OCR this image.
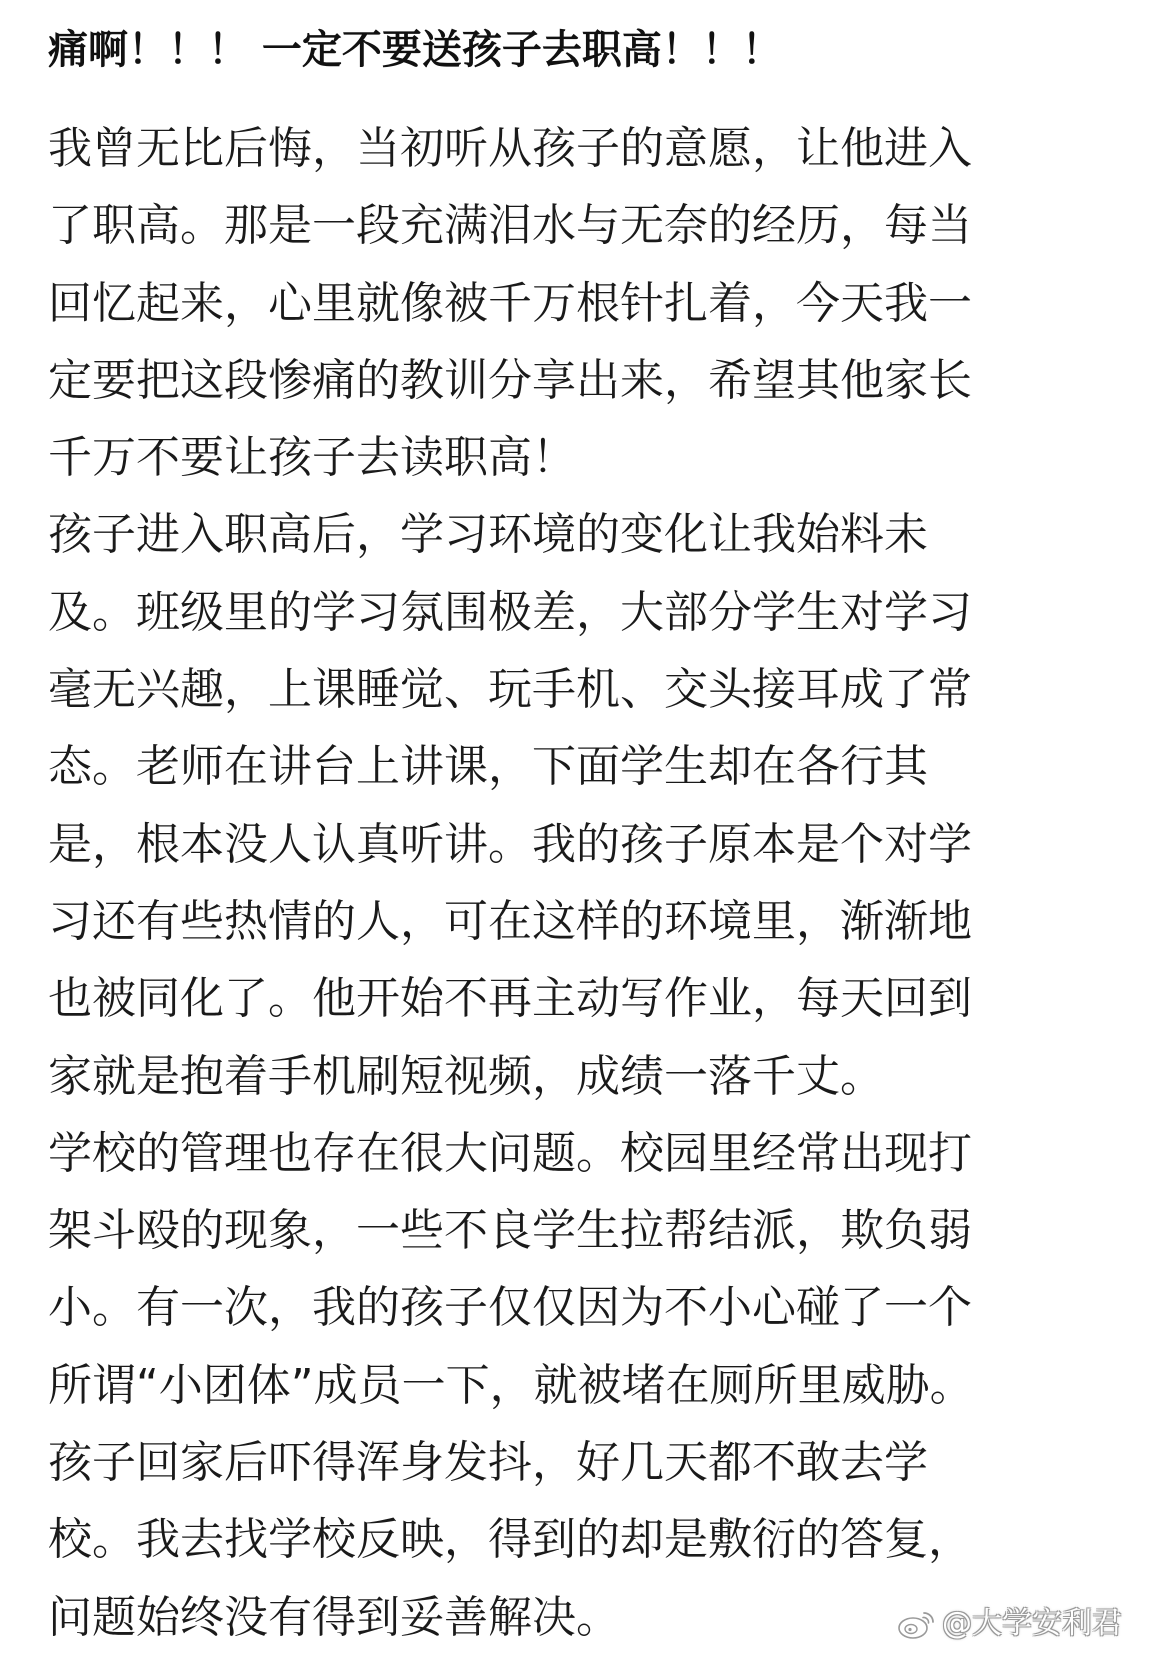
痛啊！！！ 一定不要送孩子去职高！！！
我曾无比后悔，当初听从孩子的意愿，让他进入
了职高。那是一段充满泪水与无奈的经历，每当
回忆起来，心里就像被千万根针扎着，今天我一
定要把这段惨痛的教训分享出来，希望其他家长
千万不要让孩子去读职高！
孩子进入职高后，学习环境的变化让我始料未
及。班级里的学习氛围极差，大部分学生对学习
毫无兴趣，上课睡觉、玩手机、交头接耳成了常
态。老师在讲台上讲课，下面学生却在各行其
是，根本没人认真听讲。我的孩子原本是个对学
习还有些热情的人，可在这样的环境里，渐渐地
也被同化了。他开始不再主动写作业，每天回到
家就是抱着手机刷短视频，成绩一落千丈。
学校的管理也存在很大问题。校园里经常出现打
架斗殴的现象，一些不良学生拉帮结派，欺负弱
小。有一次，我的孩子仅仅因为不小心碰了一个
所谓“小团体”成员一下，就被堵在厕所里威胁。
孩子回家后吓得浑身发抖，好几天都不敢去学
校。我去找学校反映，得到的却是敷衍的答复，
问题始终没有得到妥善解决。	@大学安利君
